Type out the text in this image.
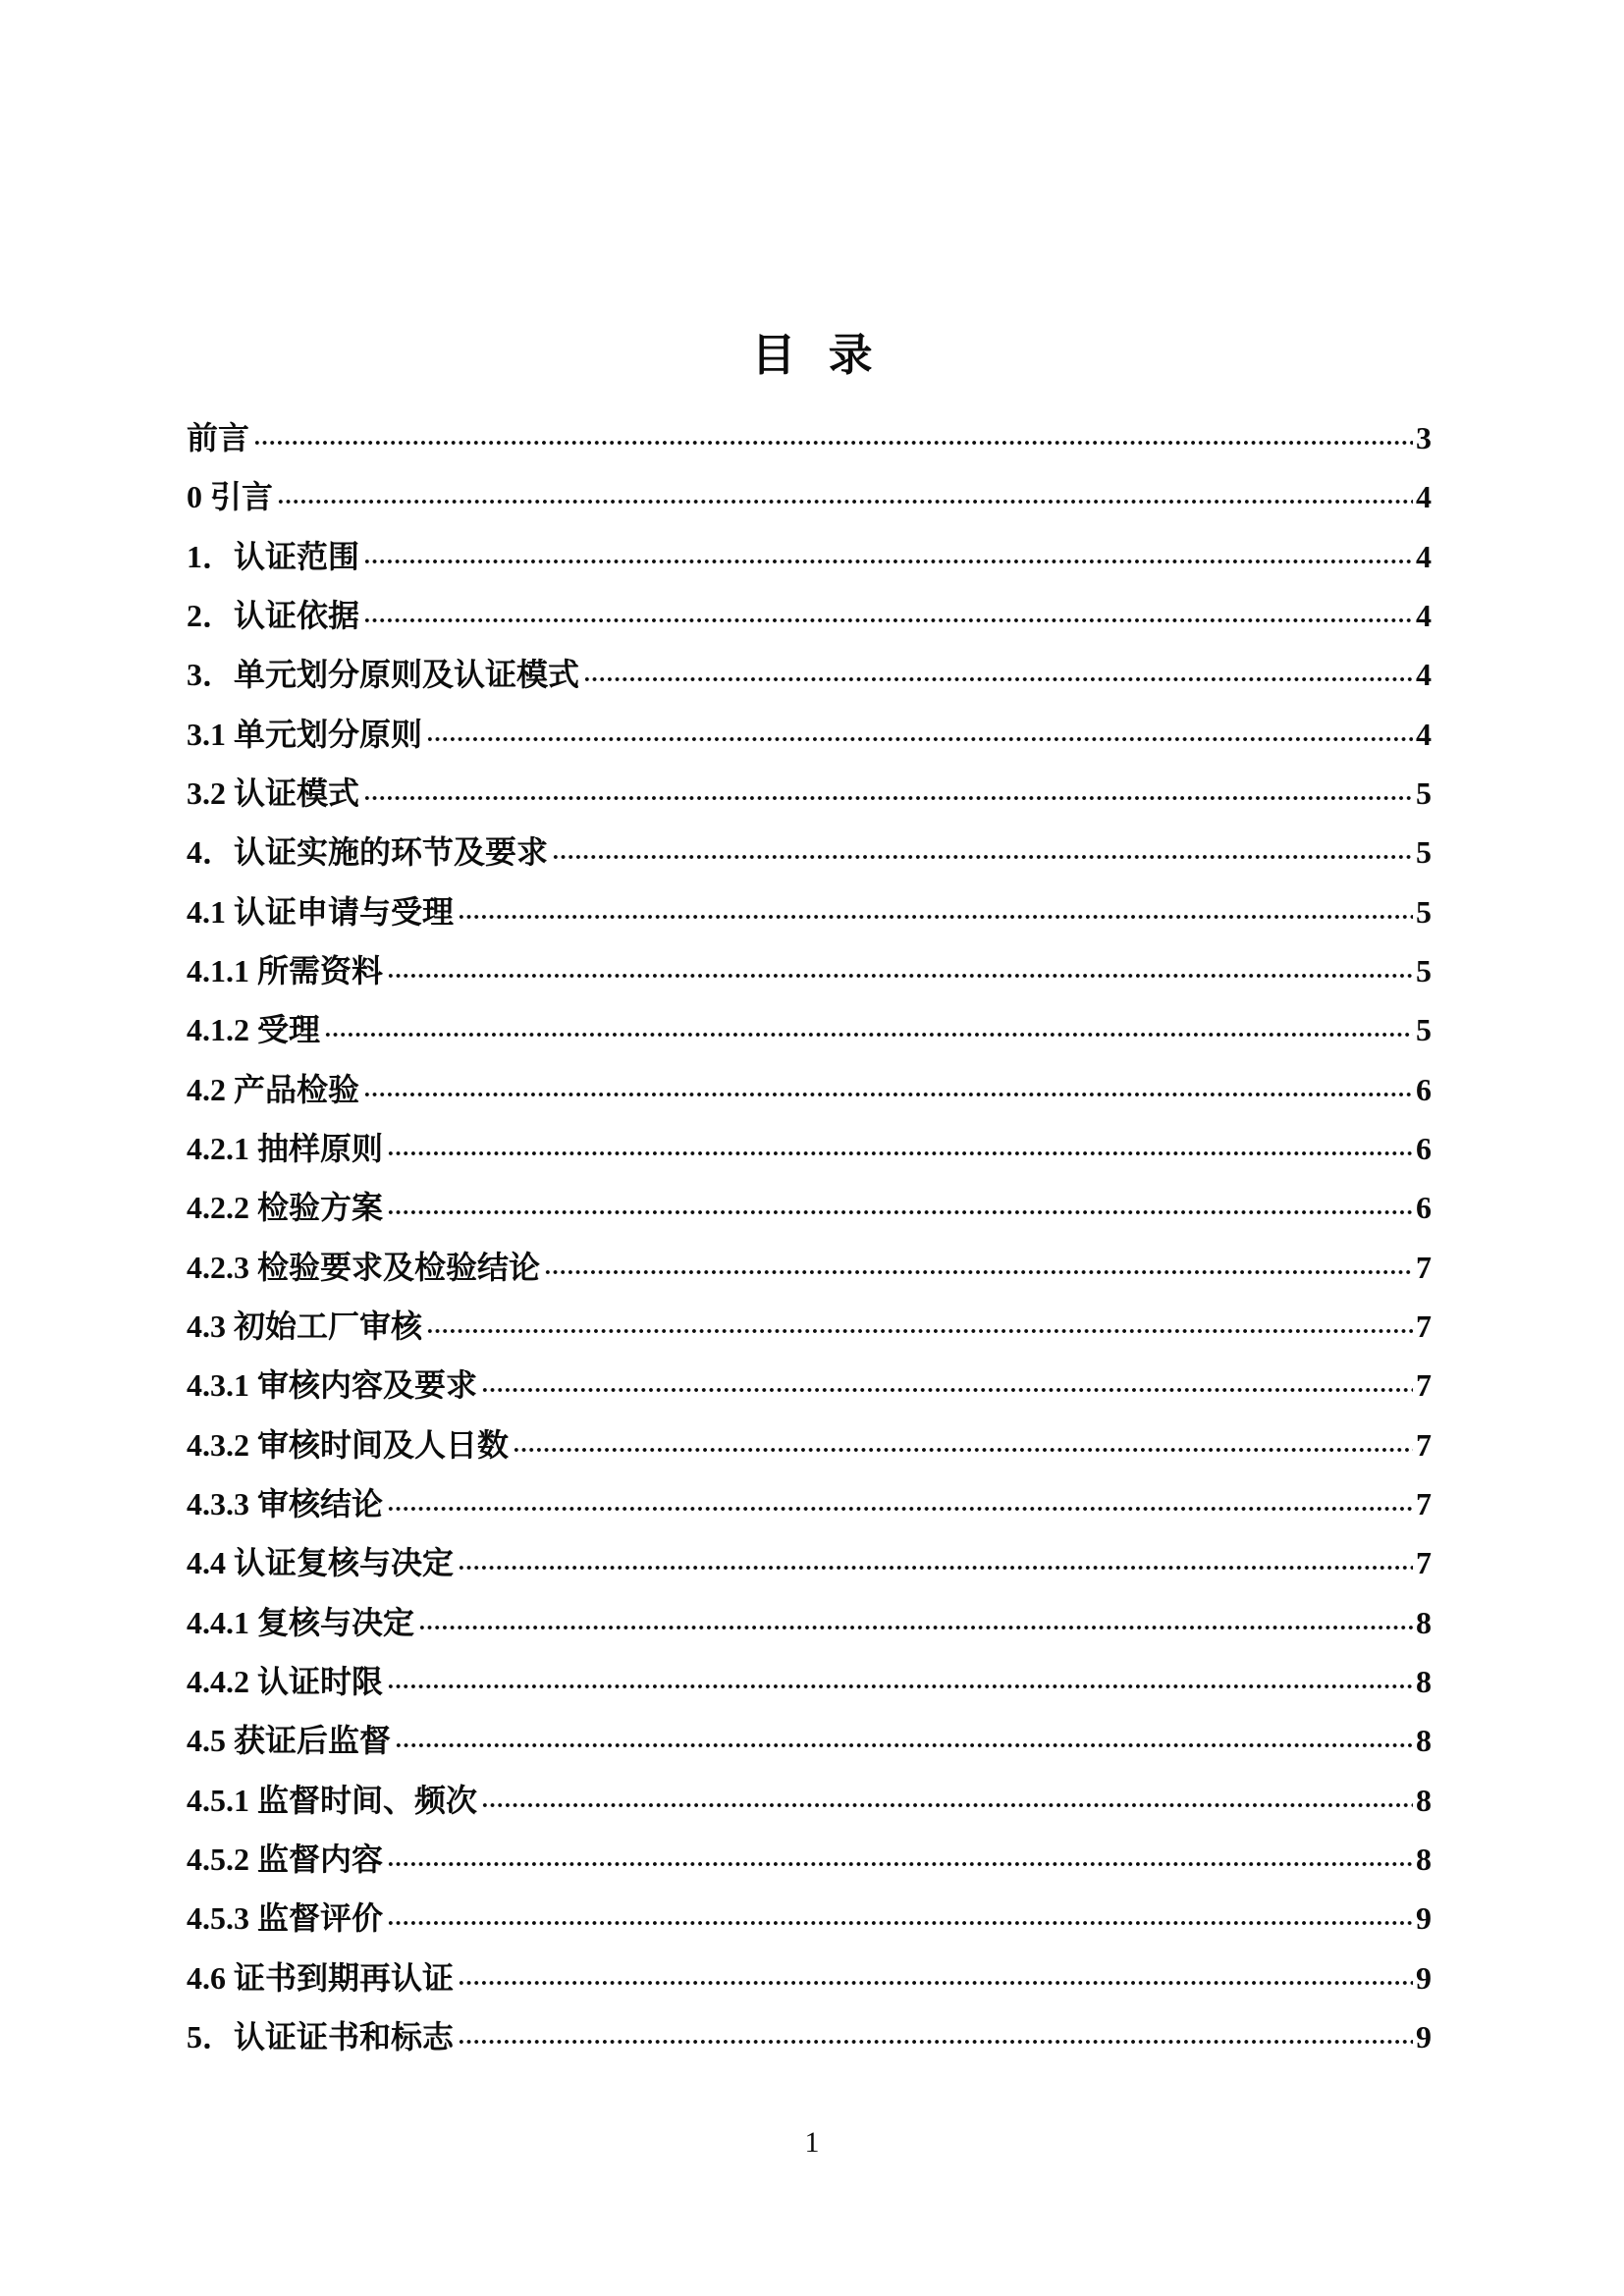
目 录
前言	3
0 引言	4
1．认证范围	4
2．认证依据	4
3．单元划分原则及认证模式	4
3.1 单元划分原则	4
3.2 认证模式	5
4．认证实施的环节及要求	5
4.1 认证申请与受理	5
4.1.1 所需资料	5
4.1.2 受理	5
4.2 产品检验	6
4.2.1 抽样原则	6
4.2.2 检验方案	6
4.2.3 检验要求及检验结论	7
4.3 初始工厂审核	7
4.3.1 审核内容及要求	7
4.3.2 审核时间及人日数	7
4.3.3 审核结论	7
4.4 认证复核与决定	7
4.4.1 复核与决定	8
4.4.2 认证时限	8
4.5 获证后监督	8
4.5.1 监督时间、频次	8
4.5.2 监督内容	8
4.5.3 监督评价	9
4.6 证书到期再认证	9
5．认证证书和标志	9
1
